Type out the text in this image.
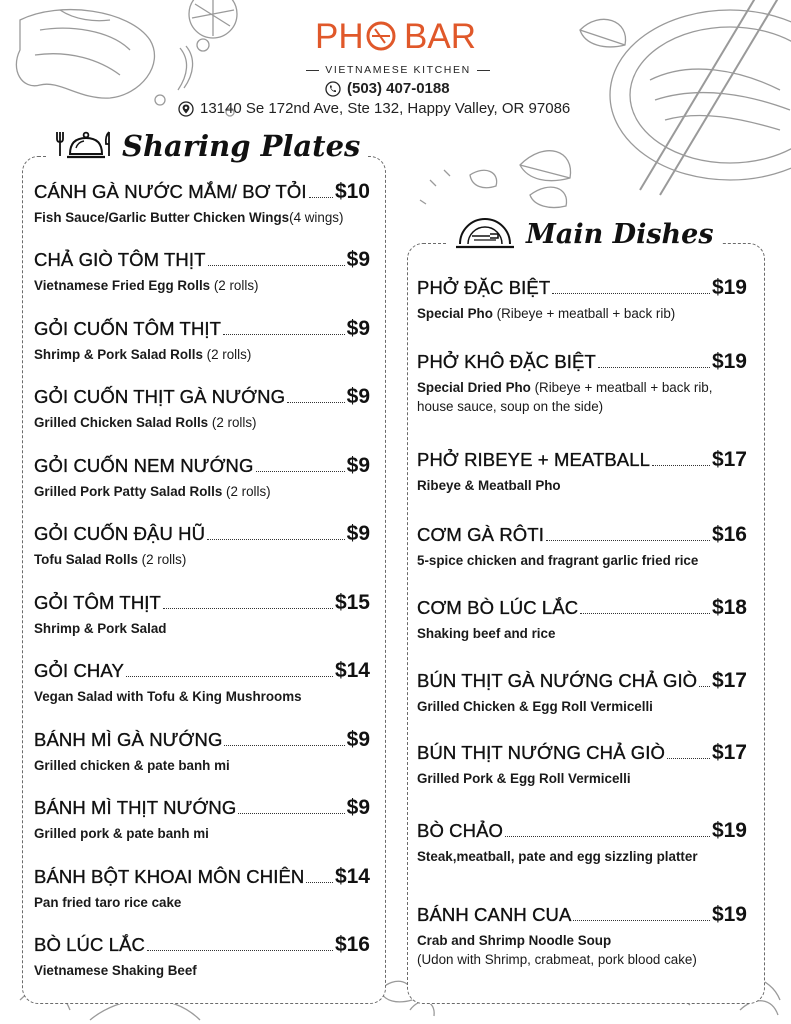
PH BAR
VIETNAMESE KITCHEN
(503) 407-0188
13140 Se 172nd Ave, Ste 132, Happy Valley, OR 97086
Sharing Plates
Main Dishes
CÁNH GÀ NƯỚC MẮM/ BƠ TỎI $10
Fish Sauce/Garlic Butter Chicken Wings(4 wings)
CHẢ GIÒ TÔM THỊT	$9
Vietnamese Fried Egg Rolls (2 rolls)
GỎI CUỐN TÔM THỊT	$9
Shrimp & Pork Salad Rolls (2 rolls)
GỎI CUỐN THỊT GÀ NƯỚNG	$9
Grilled Chicken Salad Rolls (2 rolls)
GỎI CUỐN NEM NƯỚNG	$9
Grilled Pork Patty Salad Rolls (2 rolls)
GỎI CUỐN ĐẬU HŨ	$9
Tofu Salad Rolls (2 rolls)
GỎI TÔM THỊT	$15
Shrimp & Pork Salad
GỎI CHAY	$14
Vegan Salad with Tofu & King Mushrooms
BÁNH MÌ GÀ NƯỚNG	$9
Grilled chicken & pate banh mi
BÁNH MÌ THỊT NƯỚNG	$9
Grilled pork & pate banh mi
BÁNH BỘT KHOAI MÔN CHIÊN $14
Pan fried taro rice cake
BÒ LÚC LẮC	$16
Vietnamese Shaking Beef
PHỞ ĐẶC BIỆT	$19
Special Pho (Ribeye + meatball + back rib)
PHỞ KHÔ ĐẶC BIỆT	$19
Special Dried Pho (Ribeye + meatball + back rib,
house sauce, soup on the side)
PHỞ RIBEYE + MEATBALL	$17
Ribeye & Meatball Pho
CƠM GÀ RÔTI	$16
5-spice chicken and fragrant garlic fried rice
CƠM BÒ LÚC LẮC	$18
Shaking beef and rice
BÚN THỊT GÀ NƯỚNG CHẢ GIÒ $17
Grilled Chicken & Egg Roll Vermicelli
BÚN THỊT NƯỚNG CHẢ GIÒ $17
Grilled Pork & Egg Roll Vermicelli
BÒ CHẢO	$19
Steak,meatball, pate and egg sizzling platter
BÁNH CANH CUA	$19
Crab and Shrimp Noodle Soup
(Udon with Shrimp, crabmeat, pork blood cake)
